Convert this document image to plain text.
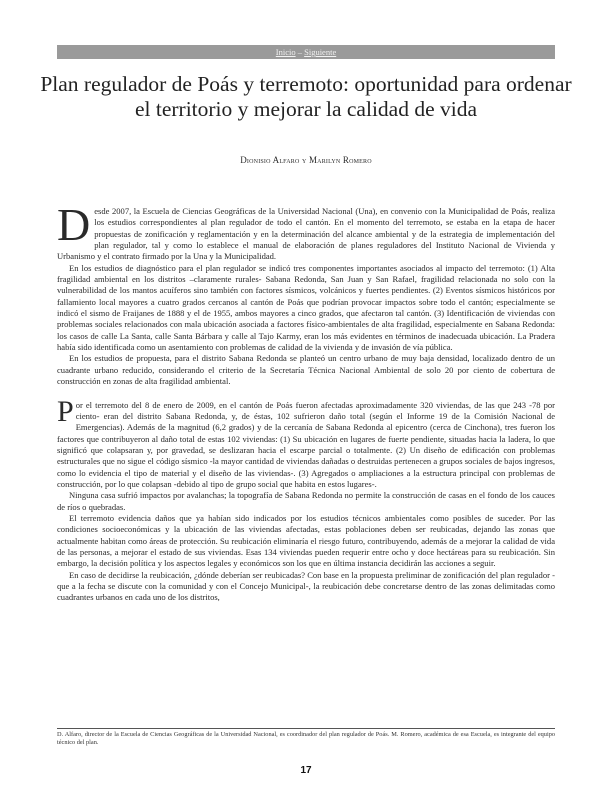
Inicio – Siguiente
Plan regulador de Poás y terremoto: oportunidad para ordenar el territorio y mejorar la calidad de vida
Dionisio Alfaro y Marilyn Romero

Desde 2007, la Escuela de Ciencias Geográficas de la Universidad Nacional (Una), en convenio con la Municipalidad de Poás, realiza los estudios correspondientes al plan regulador de todo el cantón. En el momento del terremoto, se estaba en la etapa de hacer propuestas de zonificación y reglamentación y en la determinación del alcance ambiental y de la estrategia de implementación del plan regulador, tal y como lo establece el manual de elaboración de planes reguladores del Instituto Nacional de Vivienda y Urbanismo y el contrato firmado por la Una y la Municipalidad.

En los estudios de diagnóstico para el plan regulador se indicó tres componentes importantes asociados al impacto del terremoto: (1) Alta fragilidad ambiental en los distritos –claramente rurales- Sabana Redonda, San Juan y San Rafael, fragilidad relacionada no solo con la vulnerabilidad de los mantos acuíferos sino también con factores sísmicos, volcánicos y fuertes pendientes. (2) Eventos sísmicos históricos por fallamiento local mayores a cuatro grados cercanos al cantón de Poás que podrían provocar impactos sobre todo el cantón; especialmente se indicó el sismo de Fraijanes de 1888 y el de 1955, ambos mayores a cinco grados, que afectaron tal cantón. (3) Identificación de viviendas con problemas sociales relacionados con mala ubicación asociada a factores físico-ambientales de alta fragilidad, especialmente en Sabana Redonda: los casos de calle La Santa, calle Santa Bárbara y calle al Tajo Karmy, eran los más evidentes en términos de inadecuada ubicación. La Pradera había sido identificada como un asentamiento con problemas de calidad de la vivienda y de invasión de vía pública.

En los estudios de propuesta, para el distrito Sabana Redonda se planteó un centro urbano de muy baja densidad, localizado dentro de un cuadrante urbano reducido, considerando el criterio de la Secretaría Técnica Nacional Ambiental de solo 20 por ciento de cobertura de construcción en zonas de alta fragilidad ambiental.

Por el terremoto del 8 de enero de 2009, en el cantón de Poás fueron afectadas aproximadamente 320 viviendas, de las que 243 -78 por ciento- eran del distrito Sabana Redonda, y, de éstas, 102 sufrieron daño total (según el Informe 19 de la Comisión Nacional de Emergencias). Además de la magnitud (6,2 grados) y de la cercanía de Sabana Redonda al epicentro (cerca de Cinchona), tres fueron los factores que contribuyeron al daño total de estas 102 viviendas: (1) Su ubicación en lugares de fuerte pendiente, situadas hacia la ladera, lo que significó que colapsaran y, por gravedad, se deslizaran hacia el escarpe parcial o totalmente. (2) Un diseño de edificación con problemas estructurales que no sigue el código sísmico -la mayor cantidad de viviendas dañadas o destruidas pertenecen a grupos sociales de bajos ingresos, como lo evidencia el tipo de material y el diseño de las viviendas-. (3) Agregados o ampliaciones a la estructura principal con problemas de construcción, por lo que colapsan -debido al tipo de grupo social que habita en estos lugares-.

Ninguna casa sufrió impactos por avalanchas; la topografía de Sabana Redonda no permite la construcción de casas en el fondo de los cauces de ríos o quebradas.

El terremoto evidencia daños que ya habían sido indicados por los estudios técnicos ambientales como posibles de suceder. Por las condiciones socioeconómicas y la ubicación de las viviendas afectadas, estas poblaciones deben ser reubicadas, dejando las zonas que actualmente habitan como áreas de protección. Su reubicación eliminaría el riesgo futuro, contribuyendo, además de a mejorar la calidad de vida de las personas, a mejorar el estado de sus viviendas. Esas 134 viviendas pueden requerir entre ocho y doce hectáreas para su reubicación. Sin embargo, la decisión política y los aspectos legales y económicos son los que en última instancia decidirán las acciones a seguir.

En caso de decidirse la reubicación, ¿dónde deberían ser reubicadas? Con base en la propuesta preliminar de zonificación del plan regulador -que a la fecha se discute con la comunidad y con el Concejo Municipal-, la reubicación debe concretarse dentro de las zonas delimitadas como cuadrantes urbanos en cada uno de los distritos,

D. Alfaro, director de la Escuela de Ciencias Geográficas de la Universidad Nacional, es coordinador del plan regulador de Poás. M. Romero, académica de esa Escuela, es integrante del equipo técnico del plan.
17
